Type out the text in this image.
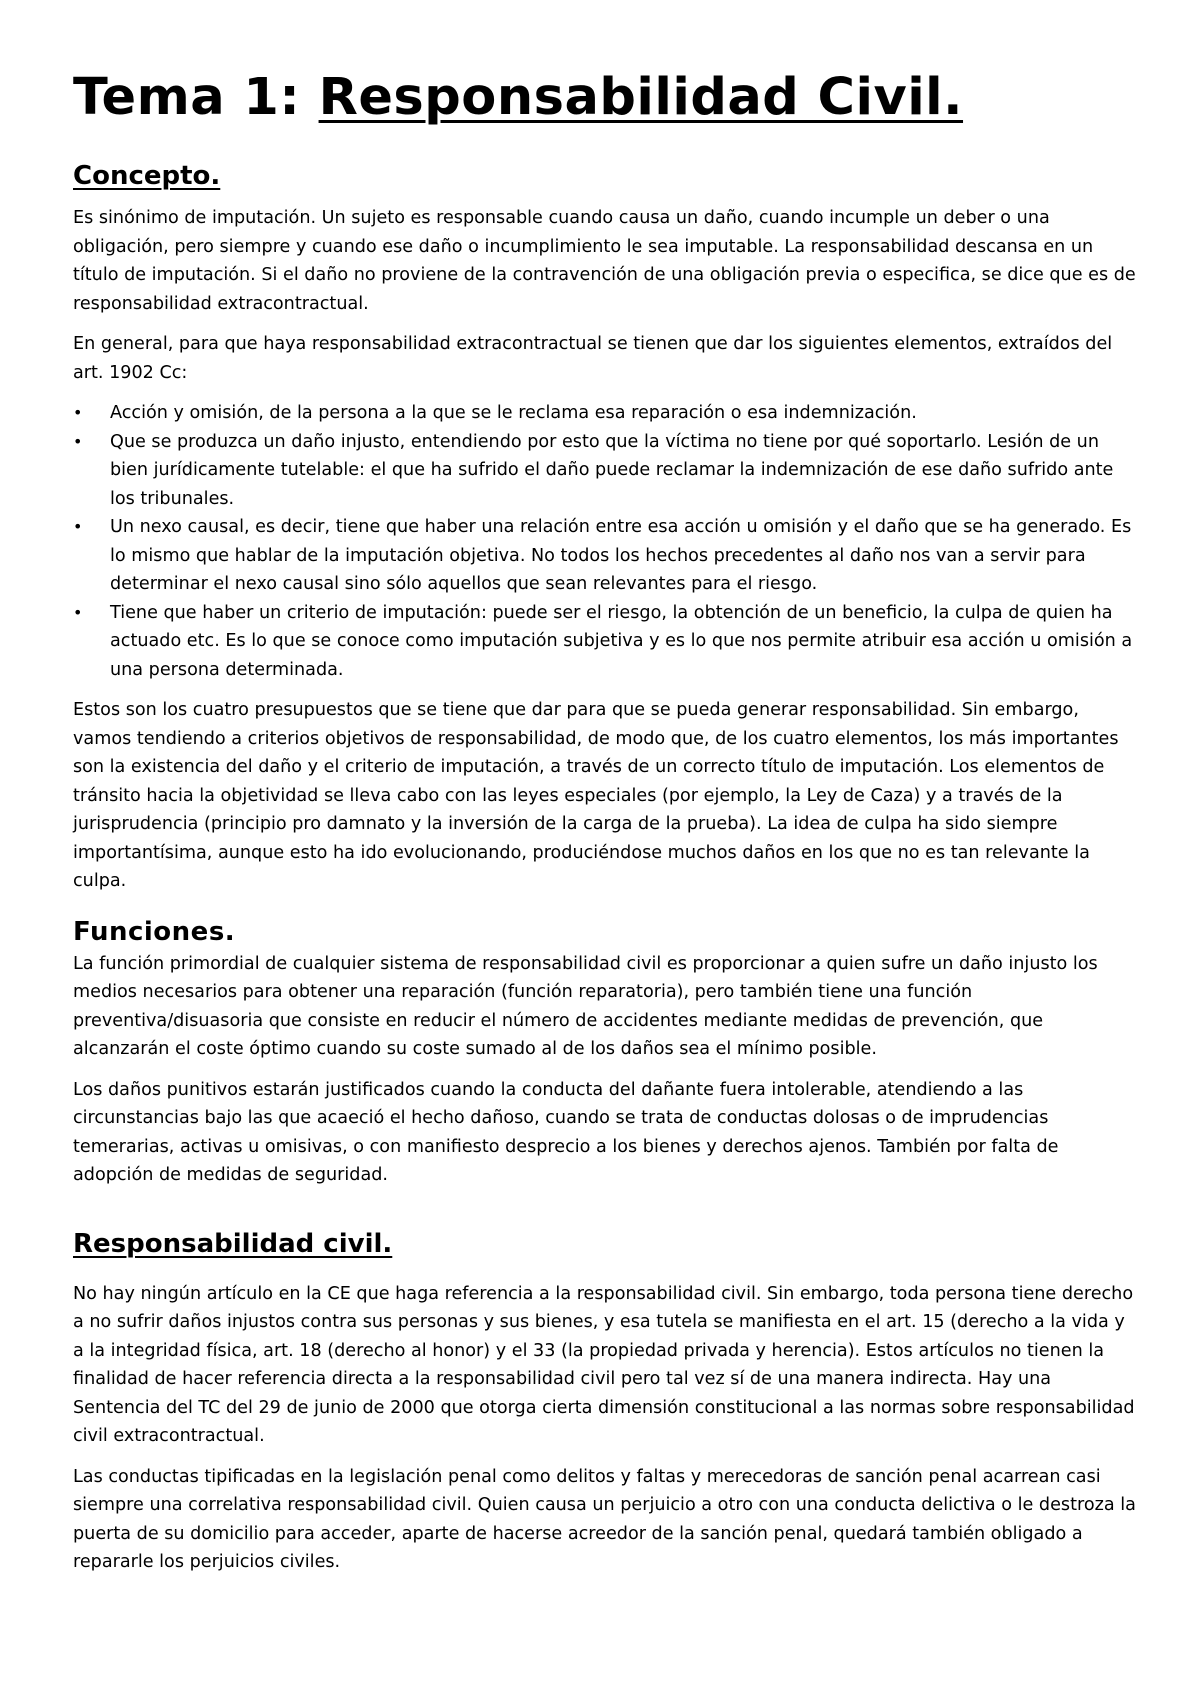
Tema 1: Responsabilidad Civil.
Concepto.

Es sinónimo de imputación. Un sujeto es responsable cuando causa un daño, cuando incumple un deber o una obligación, pero siempre y cuando ese daño o incumplimiento le sea imputable. La responsabilidad descansa en un título de imputación. Si el daño no proviene de la contravención de una obligación previa o especifica, se dice que es de responsabilidad extracontractual.

En general, para que haya responsabilidad extracontractual se tienen que dar los siguientes elementos, extraídos del art. 1902 Cc:

•	Acción y omisión, de la persona a la que se le reclama esa reparación o esa indemnización.
•	Que se produzca un daño injusto, entendiendo por esto que la víctima no tiene por qué soportarlo. Lesión de un bien jurídicamente tutelable: el que ha sufrido el daño puede reclamar la indemnización de ese daño sufrido ante los tribunales.
•	Un nexo causal, es decir, tiene que haber una relación entre esa acción u omisión y el daño que se ha generado. Es lo mismo que hablar de la imputación objetiva. No todos los hechos precedentes al daño nos van a servir para determinar el nexo causal sino sólo aquellos que sean relevantes para el riesgo.
•	Tiene que haber un criterio de imputación: puede ser el riesgo, la obtención de un beneficio, la culpa de quien ha actuado etc. Es lo que se conoce como imputación subjetiva y es lo que nos permite atribuir esa acción u omisión a una persona determinada.

Estos son los cuatro presupuestos que se tiene que dar para que se pueda generar responsabilidad. Sin embargo, vamos tendiendo a criterios objetivos de responsabilidad, de modo que, de los cuatro elementos, los más importantes son la existencia del daño y el criterio de imputación, a través de un correcto título de imputación. Los elementos de tránsito hacia la objetividad se lleva cabo con las leyes especiales (por ejemplo, la Ley de Caza) y a través de la jurisprudencia (principio pro damnato y la inversión de la carga de la prueba). La idea de culpa ha sido siempre importantísima, aunque esto ha ido evolucionando, produciéndose muchos daños en los que no es tan relevante la culpa.

Funciones.

La función primordial de cualquier sistema de responsabilidad civil es proporcionar a quien sufre un daño injusto los medios necesarios para obtener una reparación (función reparatoria), pero también tiene una función preventiva/disuasoria que consiste en reducir el número de accidentes mediante medidas de prevención, que alcanzarán el coste óptimo cuando su coste sumado al de los daños sea el mínimo posible.

Los daños punitivos estarán justificados cuando la conducta del dañante fuera intolerable, atendiendo a las circunstancias bajo las que acaeció el hecho dañoso, cuando se trata de conductas dolosas o de imprudencias temerarias, activas u omisivas, o con manifiesto desprecio a los bienes y derechos ajenos. También por falta de adopción de medidas de seguridad.

Responsabilidad civil.

No hay ningún artículo en la CE que haga referencia a la responsabilidad civil. Sin embargo, toda persona tiene derecho a no sufrir daños injustos contra sus personas y sus bienes, y esa tutela se manifiesta en el art. 15 (derecho a la vida y a la integridad física, art. 18 (derecho al honor) y el 33 (la propiedad privada y herencia). Estos artículos no tienen la finalidad de hacer referencia directa a la responsabilidad civil pero tal vez sí de una manera indirecta. Hay una Sentencia del TC del 29 de junio de 2000 que otorga cierta dimensión constitucional a las normas sobre responsabilidad civil extracontractual.

Las conductas tipificadas en la legislación penal como delitos y faltas y merecedoras de sanción penal acarrean casi siempre una correlativa responsabilidad civil. Quien causa un perjuicio a otro con una conducta delictiva o le destroza la puerta de su domicilio para acceder, aparte de hacerse acreedor de la sanción penal, quedará también obligado a repararle los perjuicios civiles.
